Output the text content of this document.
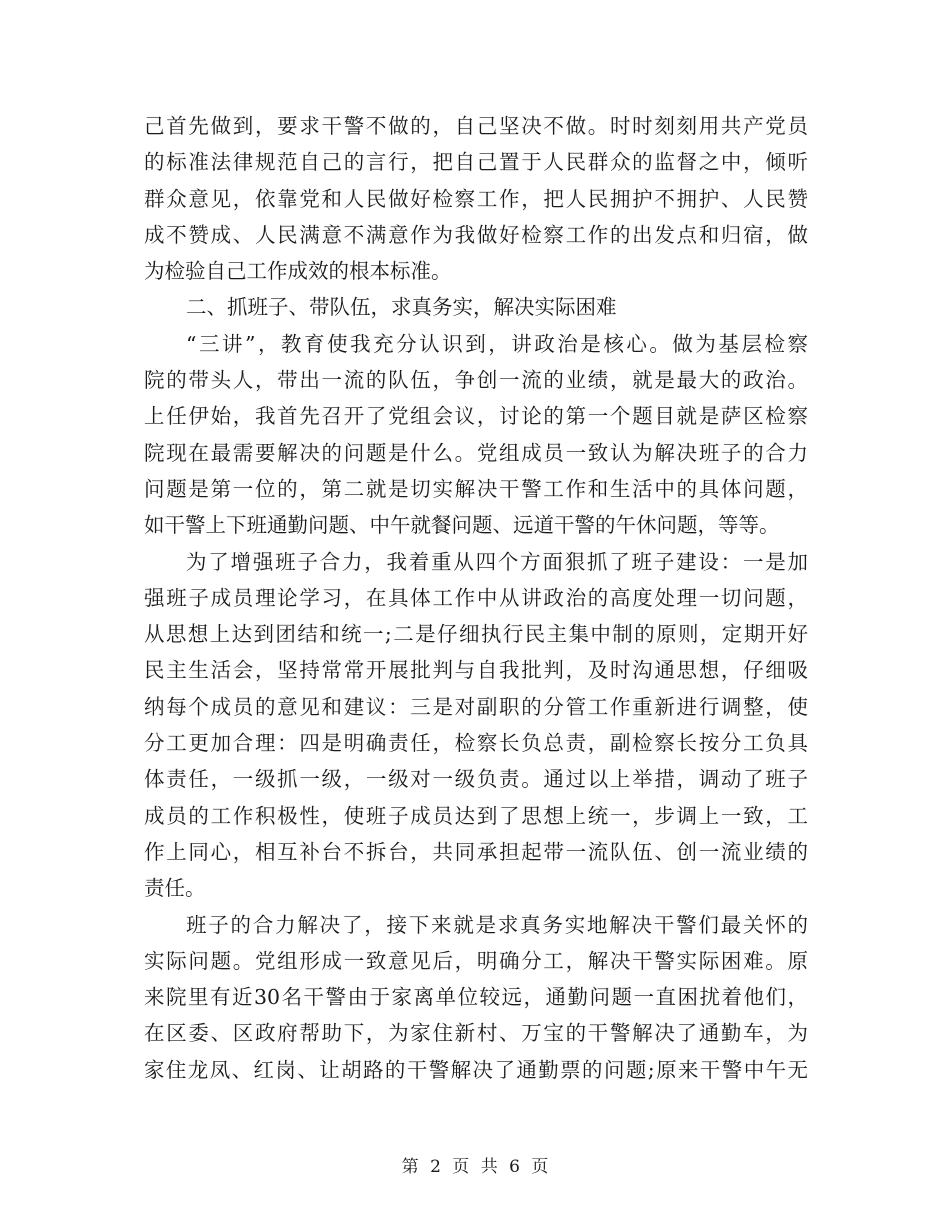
己首先做到，要求干警不做的，自己坚决不做。时时刻刻用共产党员
的标准法律规范自己的言行，把自己置于人民群众的监督之中，倾听
群众意见，依靠党和人民做好检察工作，把人民拥护不拥护、人民赞
成不赞成、人民满意不满意作为我做好检察工作的出发点和归宿，做
为检验自己工作成效的根本标准。
二、抓班子、带队伍，求真务实，解决实际困难
“三讲”，教育使我充分认识到，讲政治是核心。做为基层检察
院的带头人，带出一流的队伍，争创一流的业绩，就是最大的政治。
上任伊始，我首先召开了党组会议，讨论的第一个题目就是萨区检察
院现在最需要解决的问题是什么。党组成员一致认为解决班子的合力
问题是第一位的，第二就是切实解决干警工作和生活中的具体问题，
如干警上下班通勤问题、中午就餐问题、远道干警的午休问题，等等。
为了增强班子合力，我着重从四个方面狠抓了班子建设：一是加
强班子成员理论学习，在具体工作中从讲政治的高度处理一切问题，
从思想上达到团结和统一;二是仔细执行民主集中制的原则，定期开好
民主生活会，坚持常常开展批判与自我批判，及时沟通思想，仔细吸
纳每个成员的意见和建议：三是对副职的分管工作重新进行调整，使
分工更加合理：四是明确责任，检察长负总责，副检察长按分工负具
体责任，一级抓一级，一级对一级负责。通过以上举措，调动了班子
成员的工作积极性，使班子成员达到了思想上统一，步调上一致，工
作上同心，相互补台不拆台，共同承担起带一流队伍、创一流业绩的
责任。
班子的合力解决了，接下来就是求真务实地解决干警们最关怀的
实际问题。党组形成一致意见后，明确分工，解决干警实际困难。原
来院里有近30名干警由于家离单位较远，通勤问题一直困扰着他们，
在区委、区政府帮助下，为家住新村、万宝的干警解决了通勤车，为
家住龙凤、红岗、让胡路的干警解决了通勤票的问题;原来干警中午无
第 2 页 共 6 页
